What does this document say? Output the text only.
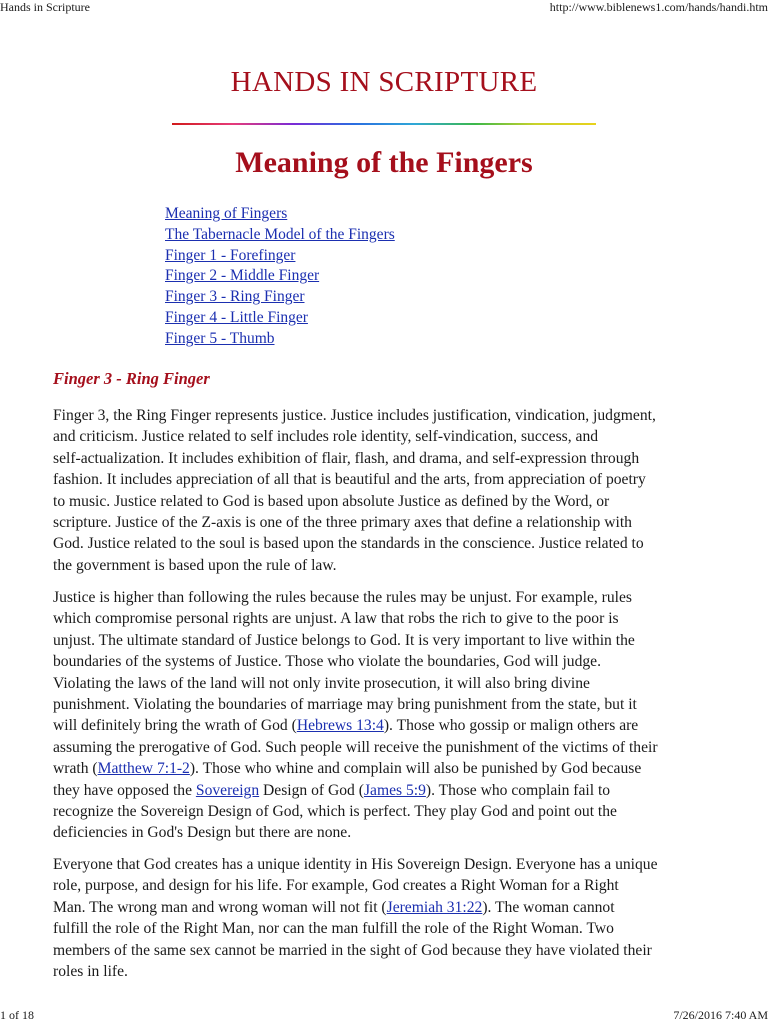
Hands in Scripture	http://www.biblenews1.com/hands/handi.htm
HANDS IN SCRIPTURE
Meaning of the Fingers
Meaning of Fingers
The Tabernacle Model of the Fingers
Finger 1 - Forefinger
Finger 2 - Middle Finger
Finger 3 - Ring Finger
Finger 4 - Little Finger
Finger 5 - Thumb
Finger 3 - Ring Finger
Finger 3, the Ring Finger represents justice. Justice includes justification, vindication, judgment,
and criticism. Justice related to self includes role identity, self-vindication, success, and
self-actualization. It includes exhibition of flair, flash, and drama, and self-expression through
fashion. It includes appreciation of all that is beautiful and the arts, from appreciation of poetry
to music. Justice related to God is based upon absolute Justice as defined by the Word, or
scripture. Justice of the Z-axis is one of the three primary axes that define a relationship with
God. Justice related to the soul is based upon the standards in the conscience. Justice related to
the government is based upon the rule of law.
Justice is higher than following the rules because the rules may be unjust. For example, rules
which compromise personal rights are unjust. A law that robs the rich to give to the poor is
unjust. The ultimate standard of Justice belongs to God. It is very important to live within the
boundaries of the systems of Justice. Those who violate the boundaries, God will judge.
Violating the laws of the land will not only invite prosecution, it will also bring divine
punishment. Violating the boundaries of marriage may bring punishment from the state, but it
will definitely bring the wrath of God (Hebrews 13:4). Those who gossip or malign others are
assuming the prerogative of God. Such people will receive the punishment of the victims of their
wrath (Matthew 7:1-2). Those who whine and complain will also be punished by God because
they have opposed the Sovereign Design of God (James 5:9). Those who complain fail to
recognize the Sovereign Design of God, which is perfect. They play God and point out the
deficiencies in God's Design but there are none.
Everyone that God creates has a unique identity in His Sovereign Design. Everyone has a unique
role, purpose, and design for his life. For example, God creates a Right Woman for a Right
Man. The wrong man and wrong woman will not fit (Jeremiah 31:22). The woman cannot
fulfill the role of the Right Man, nor can the man fulfill the role of the Right Woman. Two
members of the same sex cannot be married in the sight of God because they have violated their
roles in life.
1 of 18	7/26/2016 7:40 AM
